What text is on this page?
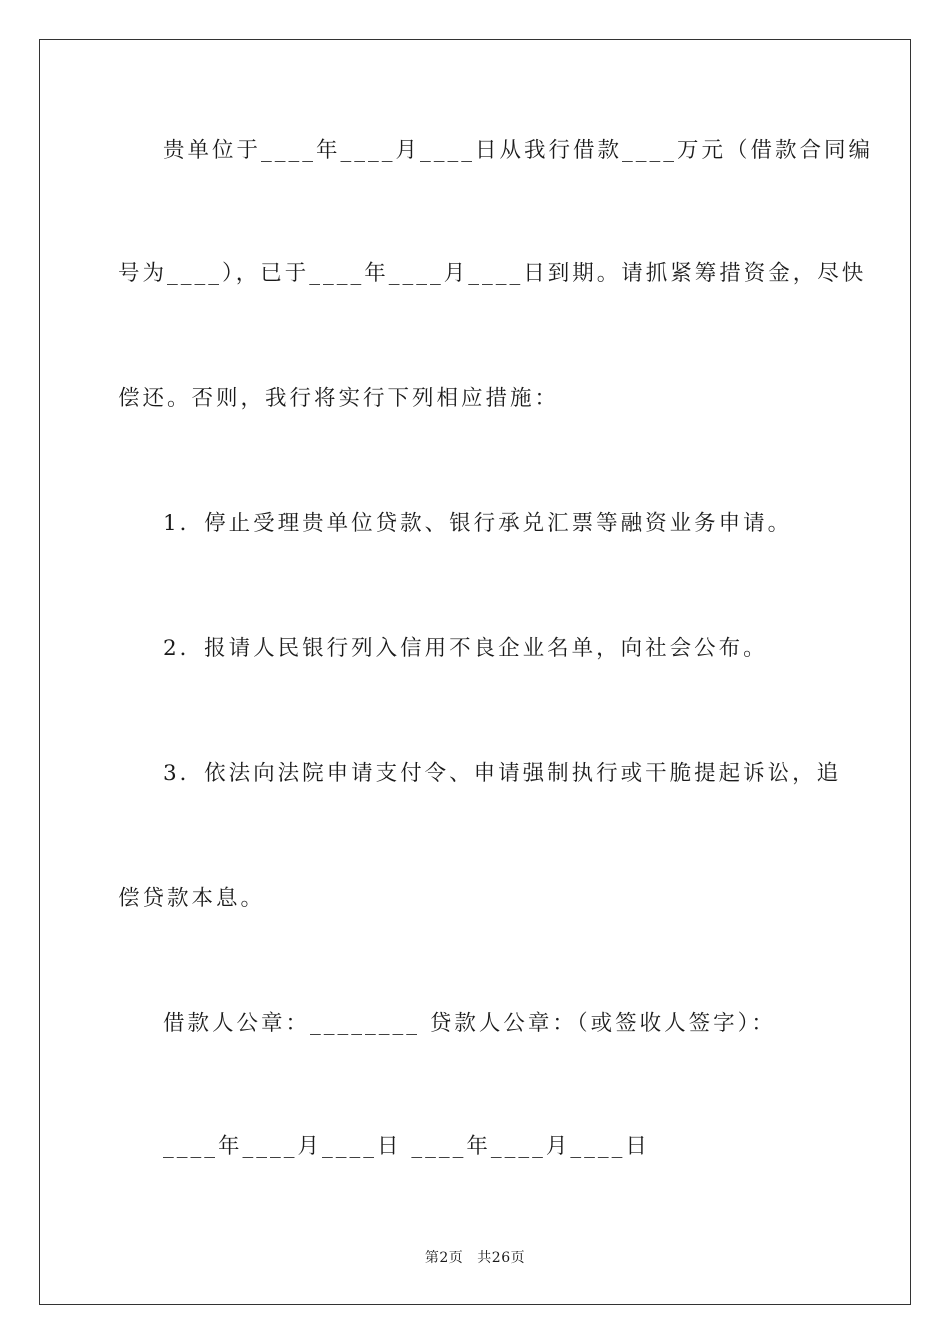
贵单位于____年____月____日从我行借款____万元（借款合同编
号为____），已于____年____月____日到期。请抓紧筹措资金，尽快
偿还。否则，我行将实行下列相应措施：
1．停止受理贵单位贷款、银行承兑汇票等融资业务申请。
2．报请人民银行列入信用不良企业名单，向社会公布。
3．依法向法院申请支付令、申请强制执行或干脆提起诉讼，追
偿贷款本息。
借款人公章：________ 贷款人公章：（或签收人签字）：
____年____月____日 ____年____月____日
第2页 共26页
